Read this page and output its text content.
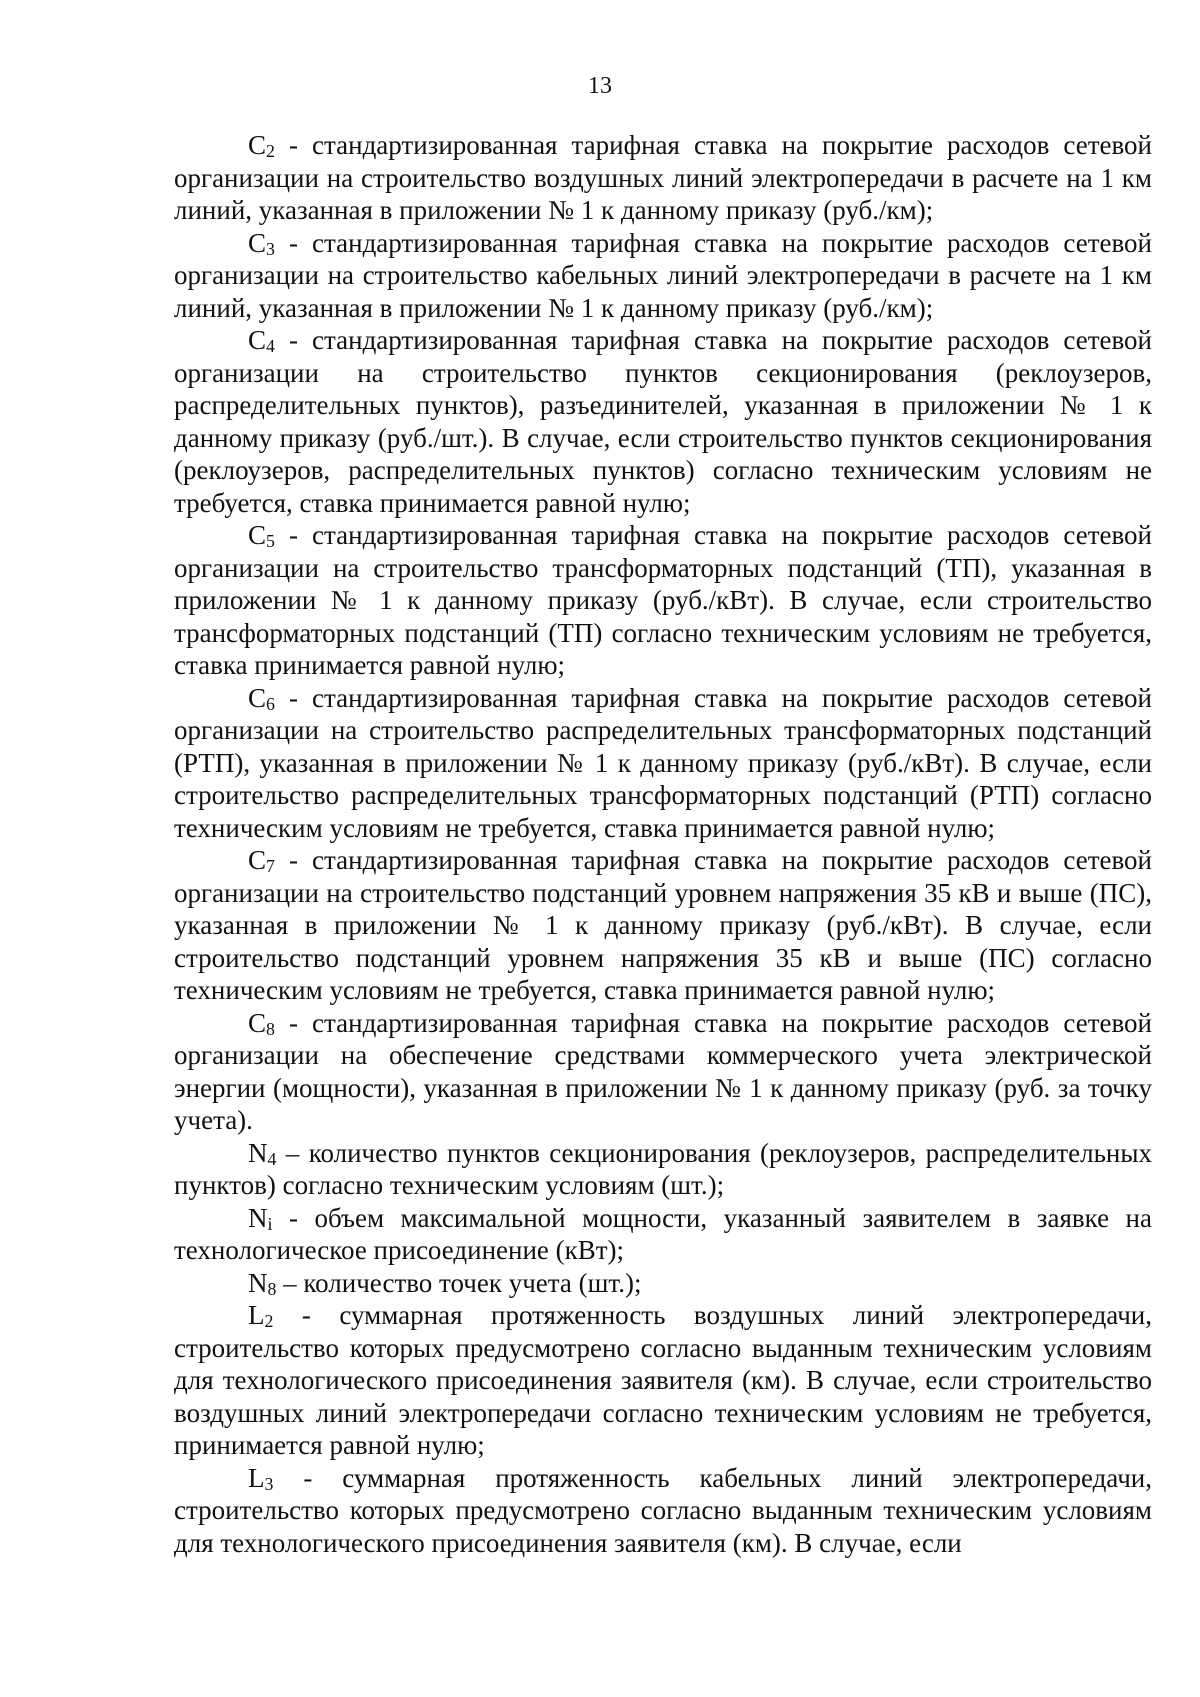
13

$C_2$ - стандартизированная тарифная ставка на покрытие расходов сетевой организации на строительство воздушных линий электропередачи в расчете на 1 км линий, указанная в приложении № 1 к данному приказу (руб./км);

$C_3$ - стандартизированная тарифная ставка на покрытие расходов сетевой организации на строительство кабельных линий электропередачи в расчете на 1 км линий, указанная в приложении № 1 к данному приказу (руб./км);

$C_4$ - стандартизированная тарифная ставка на покрытие расходов сетевой организации на строительство пунктов секционирования (реклоузеров, распределительных пунктов), разъединителей, указанная в приложении № 1 к данному приказу (руб./шт.). В случае, если строительство пунктов секционирования (реклоузеров, распределительных пунктов) согласно техническим условиям не требуется, ставка принимается равной нулю;

$C_5$ - стандартизированная тарифная ставка на покрытие расходов сетевой организации на строительство трансформаторных подстанций (ТП), указанная в приложении № 1 к данному приказу (руб./кВт). В случае, если строительство трансформаторных подстанций (ТП) согласно техническим условиям не требуется, ставка принимается равной нулю;

$C_6$ - стандартизированная тарифная ставка на покрытие расходов сетевой организации на строительство распределительных трансформаторных подстанций (РТП), указанная в приложении № 1 к данному приказу (руб./кВт). В случае, если строительство распределительных трансформаторных подстанций (РТП) согласно техническим условиям не требуется, ставка принимается равной нулю;

$C_7$ - стандартизированная тарифная ставка на покрытие расходов сетевой организации на строительство подстанций уровнем напряжения 35 кВ и выше (ПС), указанная в приложении № 1 к данному приказу (руб./кВт). В случае, если строительство подстанций уровнем напряжения 35 кВ и выше (ПС) согласно техническим условиям не требуется, ставка принимается равной нулю;

$C_8$ - стандартизированная тарифная ставка на покрытие расходов сетевой организации на обеспечение средствами коммерческого учета электрической энергии (мощности), указанная в приложении № 1 к данному приказу (руб. за точку учета).

$N_4$ – количество пунктов секционирования (реклоузеров, распределительных пунктов) согласно техническим условиям (шт.);

$N_i$ - объем максимальной мощности, указанный заявителем в заявке на технологическое присоединение (кВт);

$N_8$ – количество точек учета (шт.);

$L_2$ - суммарная протяженность воздушных линий электропередачи, строительство которых предусмотрено согласно выданным техническим условиям для технологического присоединения заявителя (км). В случае, если строительство воздушных линий электропередачи согласно техническим условиям не требуется, принимается равной нулю;

$L_3$ - суммарная протяженность кабельных линий электропередачи, строительство которых предусмотрено согласно выданным техническим условиям для технологического присоединения заявителя (км). В случае, если
